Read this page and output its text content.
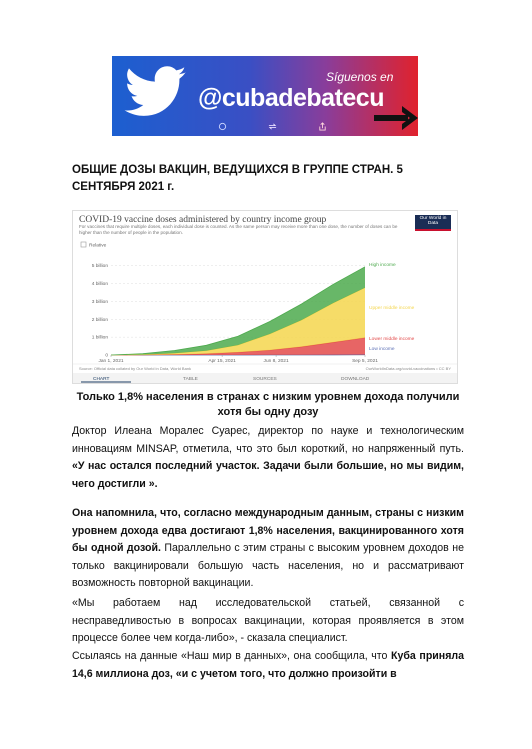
Síguenos en
@cubadebatecu
ОБЩИЕ ДОЗЫ ВАКЦИН, ВЕДУЩИХСЯ В ГРУППЕ СТРАН. 5 СЕНТЯБРЯ 2021 г.
COVID-19 vaccine doses administered by country income group
For vaccines that require multiple doses, each individual dose is counted. As the same person may receive more than one dose, the number of doses can be higher than the number of people in the population.
Our World in Data
Relative
0
1 billion
2 billion
3 billion
4 billion
5 billion
Low income
Lower middle income
Upper middle income
High income
Jan 1, 2021	Apr 15, 2021	Jun 8, 2021	Sep 5, 2021
Source: Official data collated by Our World in Data, World Bank	OurWorldInData.org/covid-vaccinations • CC BY
CHART	TABLE	SOURCES	DOWNLOAD
Только 1,8% населения в странах с низким уровнем дохода получили хотя бы одну дозу
Доктор Илеана Моралес Суарес, директор по науке и технологическим инновациям MINSAP, отметила, что это был короткий, но напряженный путь. «У нас остался последний участок. Задачи были большие, но мы видим, чего достигли ».
Она напомнила, что, согласно международным данным, страны с низким уровнем дохода едва достигают 1,8% населения, вакцинированного хотя бы одной дозой. Параллельно с этим страны с высоким уровнем доходов не только вакцинировали большую часть населения, но и рассматривают возможность повторной вакцинации.
«Мы работаем над исследовательской статьей, связанной с несправедливостью в вопросах вакцинации, которая проявляется в этом процессе более чем когда-либо», - сказала специалист.
Ссылаясь на данные «Наш мир в данных», она сообщила, что Куба приняла 14,6 миллиона доз, «и с учетом того, что должно произойти в
